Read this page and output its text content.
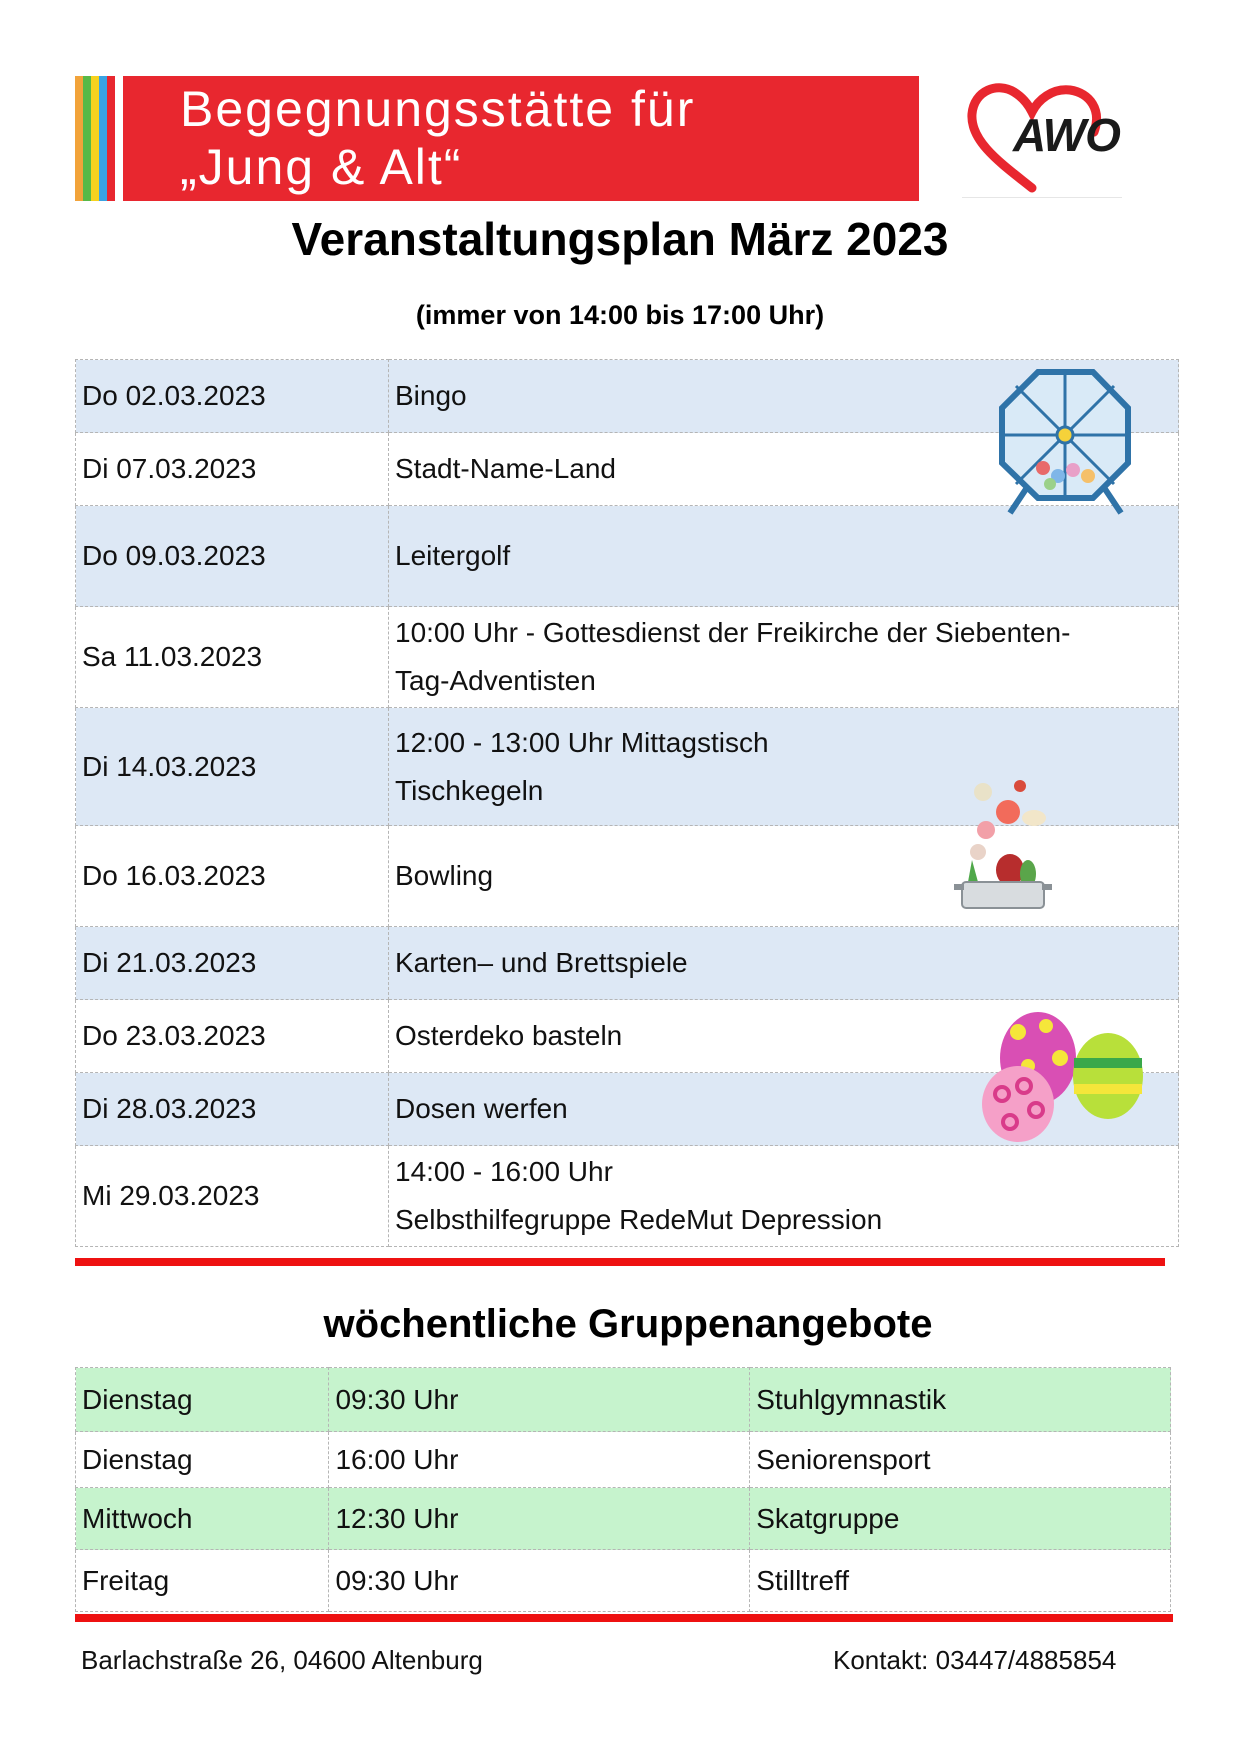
Begegnungsstätte für
„Jung & Alt“
AWO
Veranstaltungsplan März 2023
(immer von 14:00 bis 17:00 Uhr)
Do 02.03.2023	Bingo

Di 07.03.2023	Stadt-Name-Land

Do 09.03.2023	Leitergolf

Sa 11.03.2023	10:00 Uhr - Gottesdienst der Freikirche der Siebenten-
Tag-Adventisten

Di 14.03.2023	12:00 - 13:00 Uhr Mittagstisch
Tischkegeln

Do 16.03.2023	Bowling

Di 21.03.2023	Karten– und Brettspiele

Do 23.03.2023	Osterdeko basteln

Di 28.03.2023	Dosen werfen

Mi 29.03.2023	14:00 - 16:00 Uhr
Selbsthilfegruppe RedeMut Depression
wöchentliche Gruppenangebote
Dienstag	09:30 Uhr	Stuhlgymnastik
Dienstag	16:00 Uhr	Seniorensport
Mittwoch	12:30 Uhr	Skatgruppe
Freitag	09:30 Uhr	Stilltreff
Barlachstraße 26, 04600 Altenburg	Kontakt: 03447/4885854
